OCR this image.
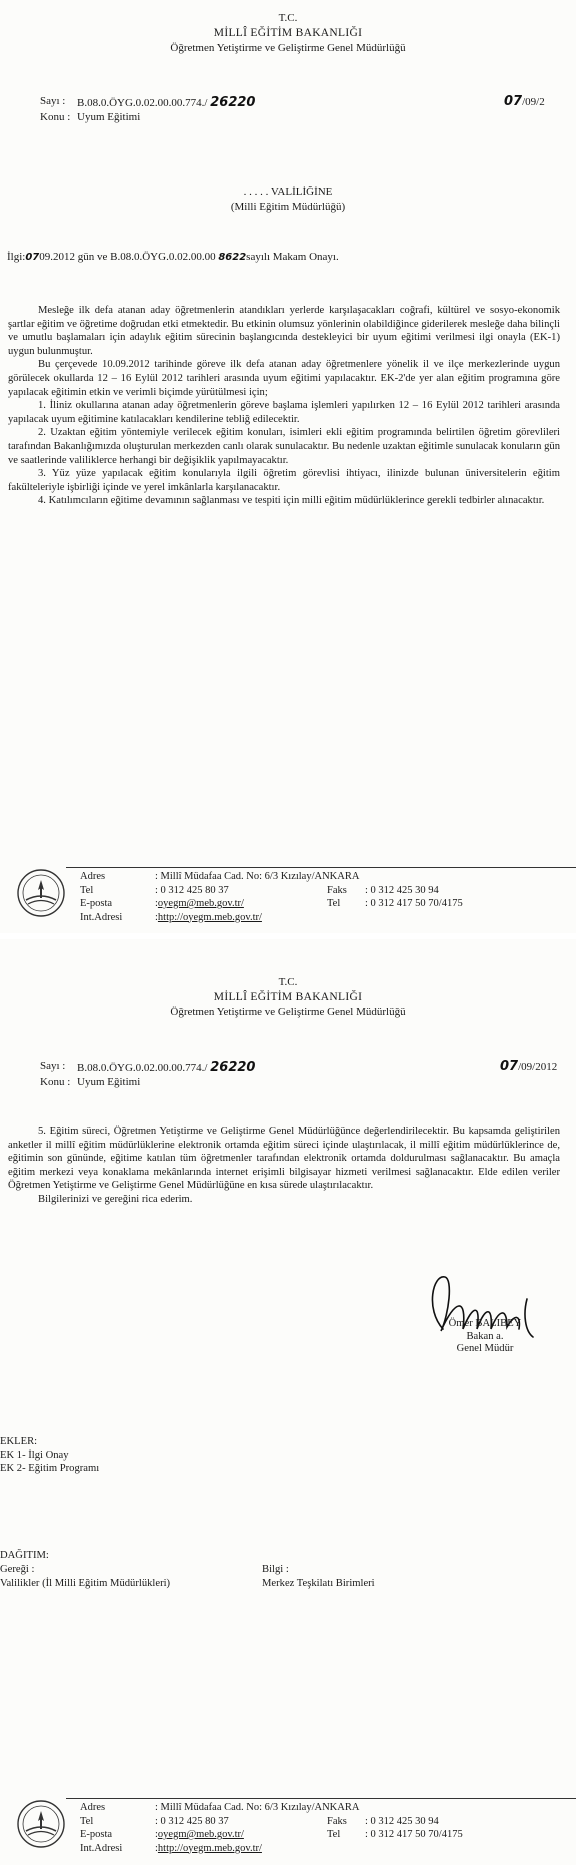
T.C.
MİLLÎ EĞİTİM BAKANLIĞI
Öğretmen Yetiştirme ve Geliştirme Genel Müdürlüğü
Sayı : B.08.0.ÖYG.0.02.00.00.774./ 26220
Konu : Uyum Eğitimi
07/09/2
. . . . . VALİLİĞİNE
(Milli Eğitim Müdürlüğü)
İlgi:0709.2012 gün ve B.08.0.ÖYG.0.02.00.00 8622sayılı Makam Onayı.

Mesleğe ilk defa atanan aday öğretmenlerin atandıkları yerlerde karşılaşacakları coğrafi, kültürel ve sosyo-ekonomik şartlar eğitim ve öğretime doğrudan etki etmektedir. Bu etkinin olumsuz yönlerinin olabildiğince giderilerek mesleğe daha bilinçli ve umutlu başlamaları için adaylık eğitim sürecinin başlangıcında destekleyici bir uyum eğitimi verilmesi ilgi onayla (EK-1) uygun bulunmuştur.

Bu çerçevede 10.09.2012 tarihinde göreve ilk defa atanan aday öğretmenlere yönelik il ve ilçe merkezlerinde uygun görülecek okullarda 12 – 16 Eylül 2012 tarihleri arasında uyum eğitimi yapılacaktır. EK-2'de yer alan eğitim programına göre yapılacak eğitimin etkin ve verimli biçimde yürütülmesi için;

1. İliniz okullarına atanan aday öğretmenlerin göreve başlama işlemleri yapılırken 12 – 16 Eylül 2012 tarihleri arasında yapılacak uyum eğitimine katılacakları kendilerine tebliğ edilecektir.

2. Uzaktan eğitim yöntemiyle verilecek eğitim konuları, isimleri ekli eğitim programında belirtilen öğretim görevlileri tarafından Bakanlığımızda oluşturulan merkezden canlı olarak sunulacaktır. Bu nedenle uzaktan eğitimle sunulacak konuların gün ve saatlerinde valiliklerce herhangi bir değişiklik yapılmayacaktır.

3. Yüz yüze yapılacak eğitim konularıyla ilgili öğretim görevlisi ihtiyacı, ilinizde bulunan üniversitelerin eğitim fakülteleriyle işbirliği içinde ve yerel imkânlarla karşılanacaktır.

4. Katılımcıların eğitime devamının sağlanması ve tespiti için milli eğitim müdürlüklerince gerekli tedbirler alınacaktır.

Adres	: Millî Müdafaa Cad. No: 6/3 Kızılay/ANKARA
Tel	: 0 312 425 80 37	Faks : 0 312 425 30 94
E-posta	: oyegm@meb.gov.tr/	Tel : 0 312 417 50 70/4175
Int.Adresi	: http://oyegm.meb.gov.tr/
T.C.
MİLLÎ EĞİTİM BAKANLIĞI
Öğretmen Yetiştirme ve Geliştirme Genel Müdürlüğü
Sayı : B.08.0.ÖYG.0.02.00.00.774./ 26220
Konu : Uyum Eğitimi
07/09/2012

5. Eğitim süreci, Öğretmen Yetiştirme ve Geliştirme Genel Müdürlüğünce değerlendirilecektir. Bu kapsamda geliştirilen anketler il millî eğitim müdürlüklerine elektronik ortamda eğitim süreci içinde ulaştırılacak, il millî eğitim müdürlüklerince de, eğitimin son gününde, eğitime katılan tüm öğretmenler tarafından elektronik ortamda doldurulması sağlanacaktır. Bu amaçla eğitim merkezi veya konaklama mekânlarında internet erişimli bilgisayar hizmeti verilmesi sağlanacaktır. Elde edilen veriler Öğretmen Yetiştirme ve Geliştirme Genel Müdürlüğüne en kısa sürede ulaştırılacaktır.

Bilgilerinizi ve gereğini rica ederim.

Ömer BALIBEY
Bakan a.
Genel Müdür
EKLER:
EK 1- İlgi Onay
EK 2- Eğitim Programı
DAĞITIM:
Gereği :	Bilgi :
Valilikler (İl Milli Eğitim Müdürlükleri)	Merkez Teşkilatı Birimleri
Adres	: Millî Müdafaa Cad. No: 6/3 Kızılay/ANKARA
Tel	: 0 312 425 80 37	Faks : 0 312 425 30 94
E-posta	: oyegm@meb.gov.tr/	Tel : 0 312 417 50 70/4175
Int.Adresi	: http://oyegm.meb.gov.tr/
